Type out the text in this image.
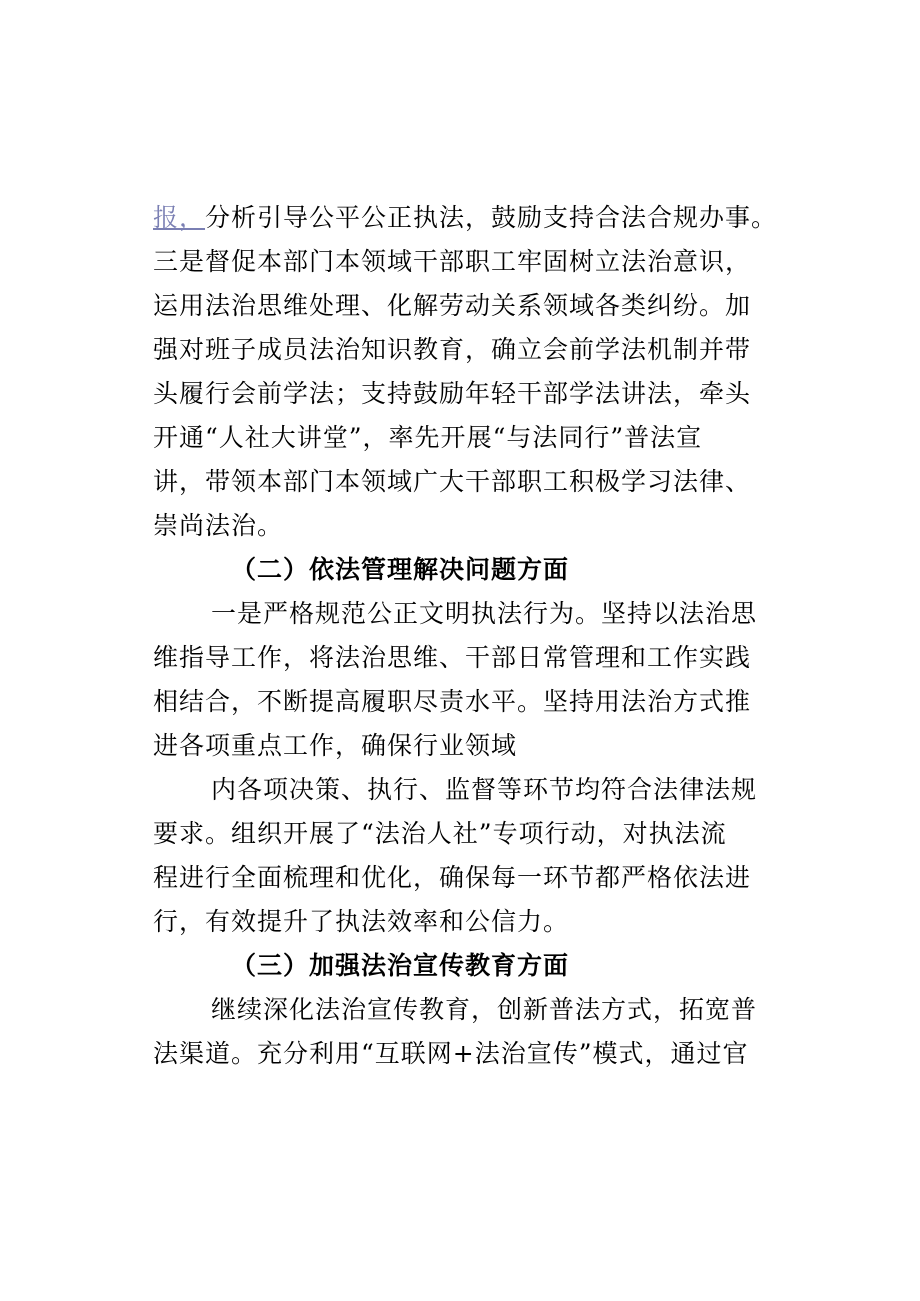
报，分析引导公平公正执法，鼓励支持合法合规办事。
三是督促本部门本领域干部职工牢固树立法治意识，
运用法治思维处理、化解劳动关系领域各类纠纷。加
强对班子成员法治知识教育，确立会前学法机制并带
头履行会前学法；支持鼓励年轻干部学法讲法，牵头
开通“人社大讲堂”，率先开展“与法同行”普法宣
讲，带领本部门本领域广大干部职工积极学习法律、
崇尚法治。
（二）依法管理解决问题方面
一是严格规范公正文明执法行为。坚持以法治思
维指导工作，将法治思维、干部日常管理和工作实践
相结合，不断提高履职尽责水平。坚持用法治方式推
进各项重点工作，确保行业领域
内各项决策、执行、监督等环节均符合法律法规
要求。组织开展了“法治人社”专项行动，对执法流
程进行全面梳理和优化，确保每一环节都严格依法进
行，有效提升了执法效率和公信力。
（三）加强法治宣传教育方面
继续深化法治宣传教育，创新普法方式，拓宽普
法渠道。充分利用“互联网+法治宣传”模式，通过官
